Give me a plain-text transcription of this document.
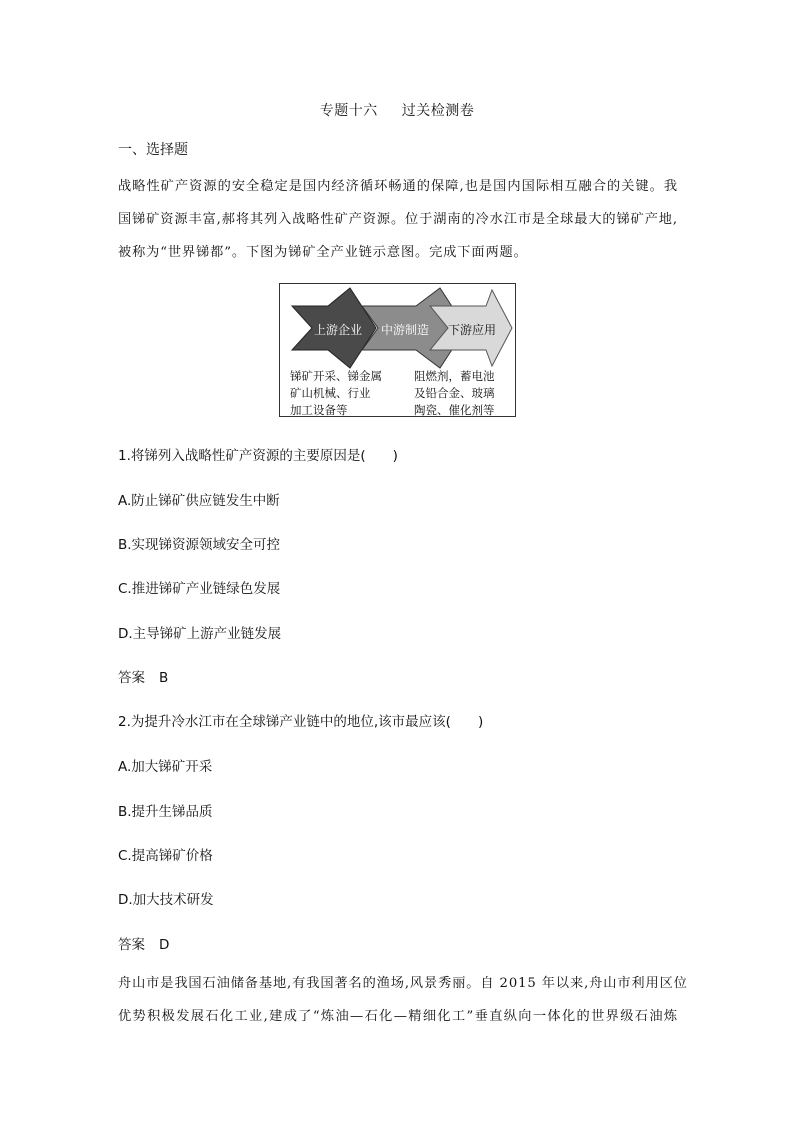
专题十六 过关检测卷
一、选择题
战略性矿产资源的安全稳定是国内经济循环畅通的保障,也是国内国际相互融合的关键。我
国锑矿资源丰富,郝将其列入战略性矿产资源。位于湖南的冷水江市是全球最大的锑矿产地,
被称为“世界锑都”。下图为锑矿全产业链示意图。完成下面两题。
上游企业 中游制造 下游应用
锑矿开采、锑金属
矿山机械、行业
加工设备等
阻燃剂，蓄电池
及铅合金、玻璃
陶瓷、催化剂等
1.将锑列入战略性矿产资源的主要原因是(　　)
A.防止锑矿供应链发生中断
B.实现锑资源领域安全可控
C.推进锑矿产业链绿色发展
D.主导锑矿上游产业链发展
答案 B
2.为提升冷水江市在全球锑产业链中的地位,该市最应该(　　)
A.加大锑矿开采
B.提升生锑品质
C.提高锑矿价格
D.加大技术研发
答案 D
舟山市是我国石油储备基地,有我国著名的渔场,风景秀丽。自 2015 年以来,舟山市利用区位
优势积极发展石化工业,建成了“炼油—石化—精细化工”垂直纵向一体化的世界级石油炼
